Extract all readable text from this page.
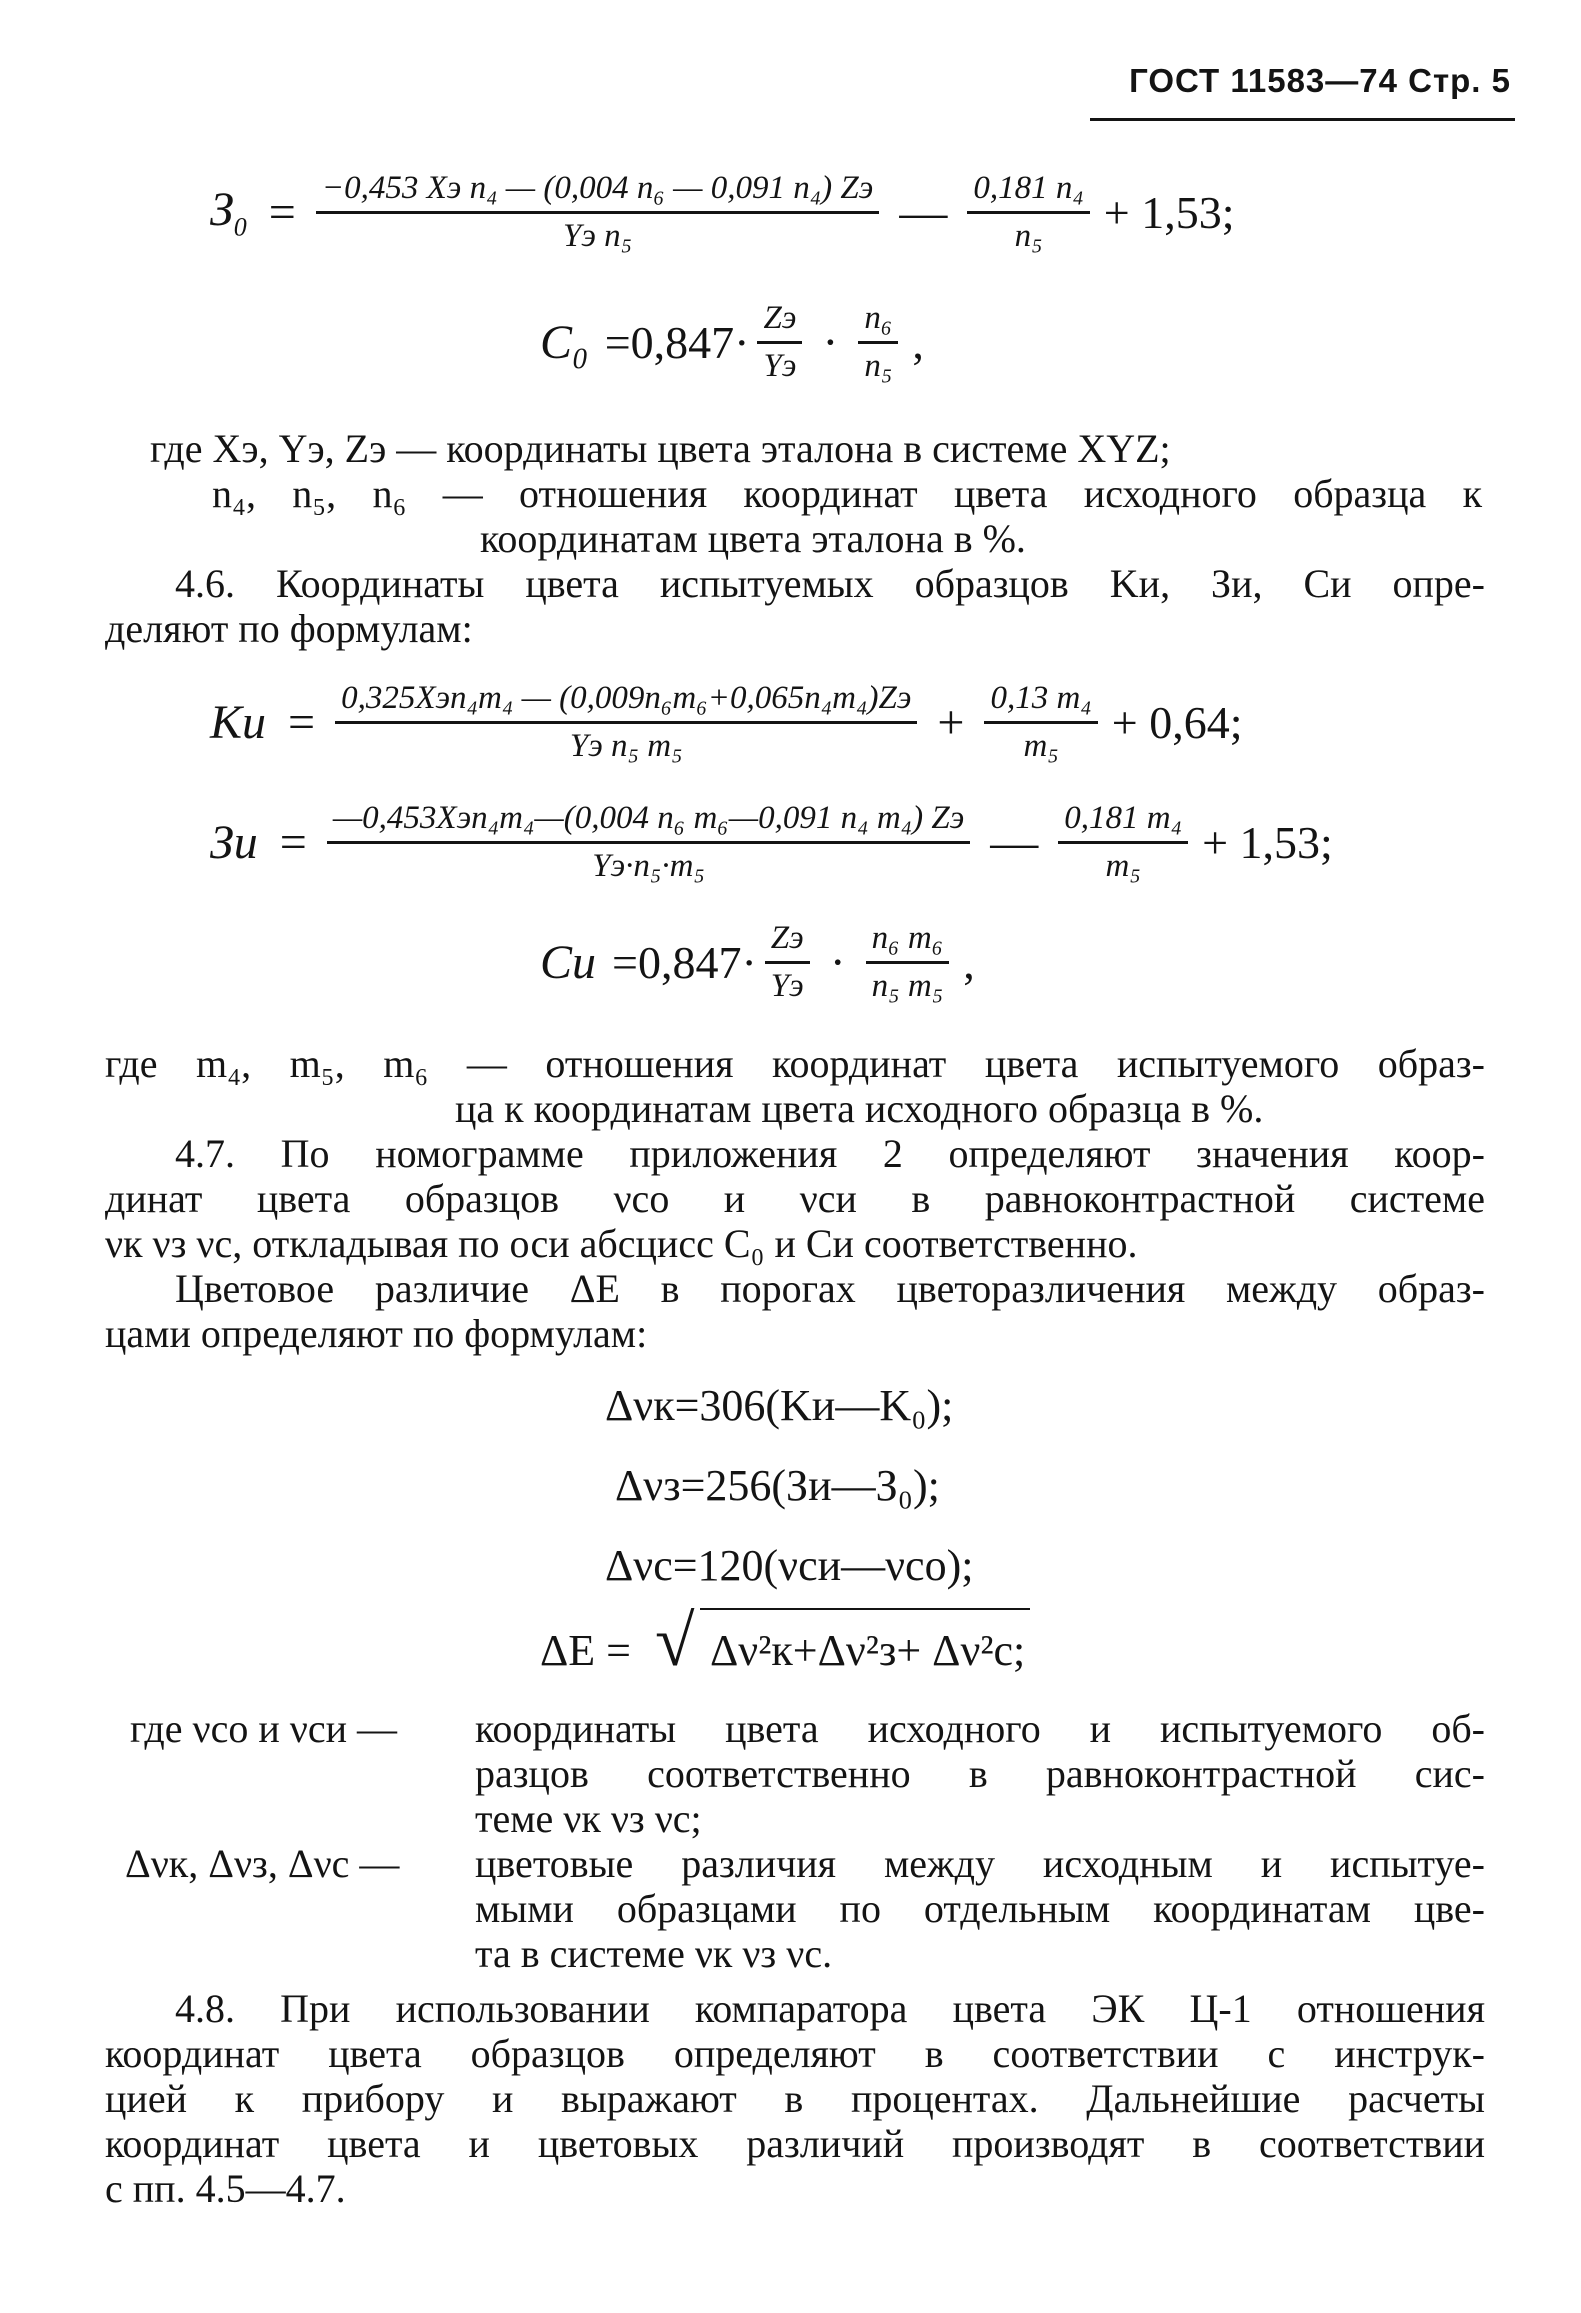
ГОСТ 11583—74 Стр. 5
$З_0 = \frac{\text{−0,453 Xэ n₄ — (0,004 n₆ — 0,091 n₄) Zэ}}{\text{Yэ n₅}}$ — $\frac{\text{0,181 n₄}}{\text{n₅}} + 1,53$;
$C_0 =0,847\cdot \frac{Zэ}{Yэ} \cdot \frac{\text{n₆}}{\text{n₅}}$ ,
где Xэ, Yэ, Zэ — координаты цвета эталона в системе XYZ;
n₄, n₅, n₆ — отношения координат цвета исходного образца к
координатам цвета эталона в %.
4.6. Координаты цвета испытуемых образцов Kи, Зи, Cи опре-
деляют по формулам:
Kи = $\frac{\text{0,325Xэn₄m₄ — (0,009n₆m₆+0,065n₄m₄)Zэ}}{\text{Yэ n₅ m₅}} + \frac{\text{0,13 m₄}}{\text{m₅}} + 0,64$;
Зи = $\frac{\text{—0,453Xэn₄m₄—(0,004 n₆ m₆—0,091 n₄ m₄) Zэ}}{\text{Yэ·n₅·m₅}}$ — $\frac{\text{0,181 m₄}}{\text{m₅}} + 1,53$;
Cи $=0,847\cdot \frac{Zэ}{Yэ} \cdot \frac{\text{n₆ m₆}}{\text{n₅ m₅}}$ ,
где m₄, m₅, m₆ — отношения координат цвета испытуемого образ-
ца к координатам цвета исходного образца в %.
4.7. По номограмме приложения 2 определяют значения коор-
динат цвета образцов νсо и νси в равноконтрастной системе
νк νз νс, откладывая по оси абсцисс C₀ и Cи соответственно.
Цветовое различие ΔE в порогах цветоразличения между образ-
цами определяют по формулам:
Δνк=306(Kи—K₀);
Δνз=256(Зи—З₀);
Δνс=120(νси—νсо);
ΔE = √ Δν²к+Δν²з+ Δν²с;
где νсо и νси — координаты цвета исходного и испытуемого об-
разцов соответственно в равноконтрастной сис-
теме νк νз νс;
Δνк, Δνз, Δνс — цветовые различия между исходным и испытуе-
мыми образцами по отдельным координатам цве-
та в системе νк νз νс.
4.8. При использовании компаратора цвета ЭК Ц-1 отношения
координат цвета образцов определяют в соответствии с инструк-
цией к прибору и выражают в процентах. Дальнейшие расчеты
координат цвета и цветовых различий производят в соответствии
с пп. 4.5—4.7.
